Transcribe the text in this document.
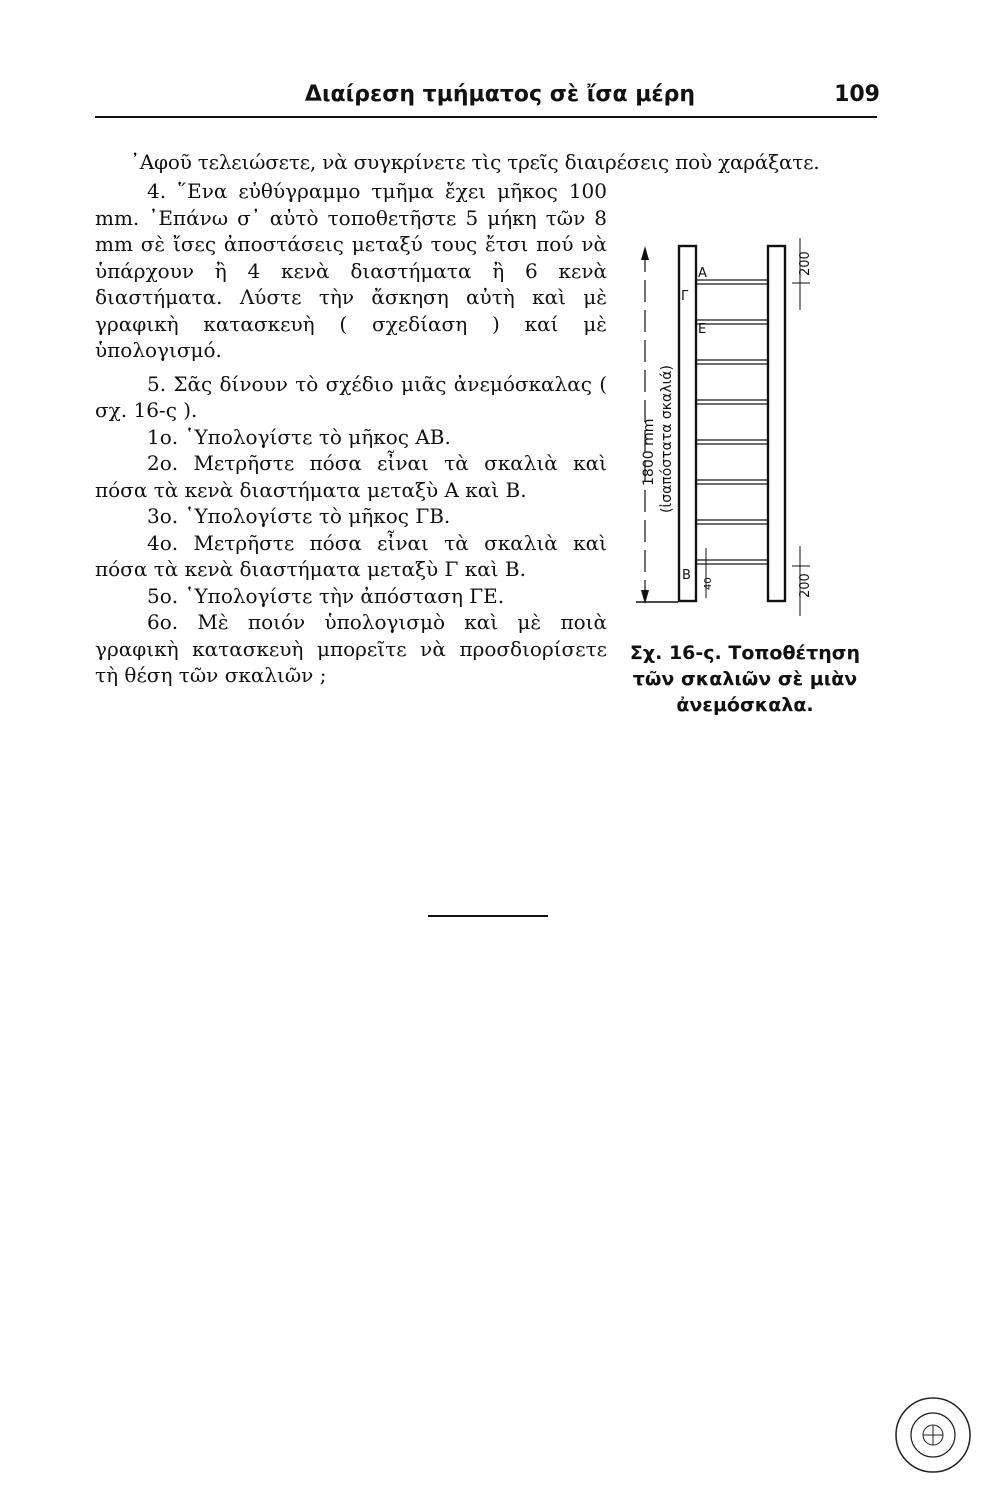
Διαίρεση τμήματος σὲ ἴσα μέρη	109
᾿Αφοῦ τελειώσετε, νὰ συγκρίνετε τὶς τρεῖς διαιρέσεις ποὺ χαράξατε.

4. ῞Ενα εὐθύγραμμο τμῆμα ἔχει μῆκος 100 mm. ᾿Επάνω σ᾿ αὐτὸ τοποθετῆστε 5 μήκη τῶν 8 mm σὲ ἴσες ἀποστάσεις μεταξύ τους ἔτσι πού νὰ ὑπάρχουν ἢ 4 κενὰ διαστήματα ἢ 6 κενὰ διαστήματα. Λύστε τὴν ἄσκηση αὐτὴ καὶ μὲ γραφικὴ κατασκευὴ ( σχεδίαση ) καί μὲ ὑπολογισμό.

5. Σᾶς δίνουν τὸ σχέδιο μιᾶς ἀνεμόσκαλας ( σχ. 16-ς ).

1ο. ῾Υπολογίστε τὸ μῆκος ΑΒ.

2ο. Μετρῆστε πόσα εἶναι τὰ σκαλιὰ καὶ πόσα τὰ κενὰ διαστήματα μεταξὺ Α καὶ Β.

3ο. ῾Υπολογίστε τὸ μῆκος ΓΒ.

4ο. Μετρῆστε πόσα εἶναι τὰ σκαλιὰ καὶ πόσα τὰ κενὰ διαστήματα μεταξὺ Γ καὶ Β.

5ο. ῾Υπολογίστε τὴν ἀπόσταση ΓΕ.

6ο. Μὲ ποιόν ὑπολογισμὸ καὶ μὲ ποιὰ γραφικὴ κατασκευὴ μπορεῖτε νὰ προσδιορίσετε τὴ θέση τῶν σκαλιῶν ;

1800 mm (ἰσαπόστατα σκαλιά)
Α
Γ
Ε
Β
40
200
200
Σχ. 16-ς. Τοποθέτηση τῶν σκαλιῶν σὲ μιὰν ἀνεμόσκαλα.
